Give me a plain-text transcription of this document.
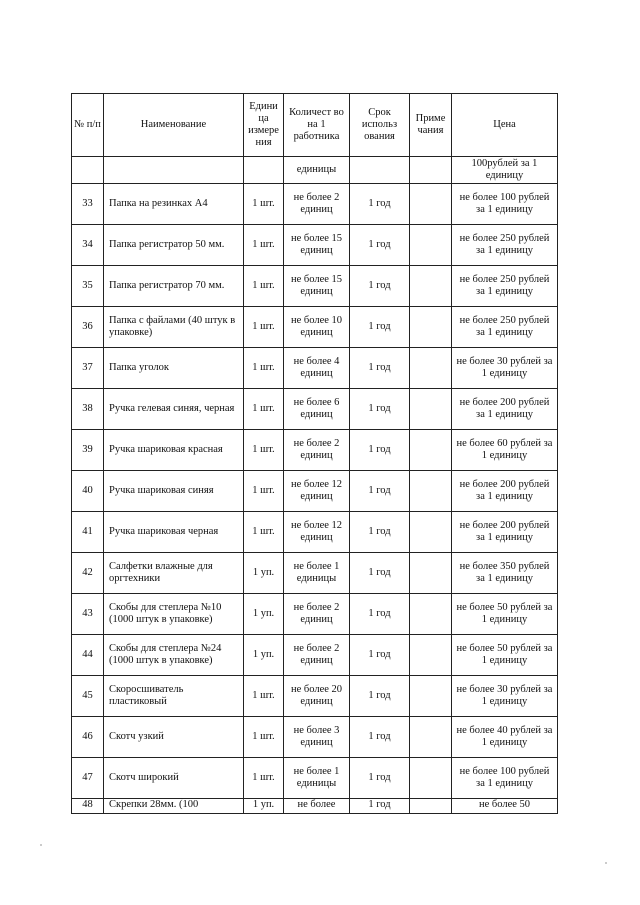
№ п/п	Наименование	Едини ца измере ния	Количест во на 1 работника	Срок использ ования	Приме чания	Цена
			единицы			100рублей за 1 единицу
33	Папка на резинках А4	1 шт.	не более 2 единиц	1 год		не более 100 рублей за 1 единицу
34	Папка регистратор 50 мм.	1 шт.	не более 15 единиц	1 год		не более 250 рублей за 1 единицу
35	Папка регистратор 70 мм.	1 шт.	не более 15 единиц	1 год		не более 250 рублей за 1 единицу
36	Папка с файлами (40 штук в упаковке)	1 шт.	не более 10 единиц	1 год		не более 250 рублей за 1 единицу
37	Папка уголок	1 шт.	не более 4 единиц	1 год		не более 30 рублей за 1 единицу
38	Ручка гелевая синяя, черная	1 шт.	не более 6 единиц	1 год		не более 200 рублей за 1 единицу
39	Ручка шариковая красная	1 шт.	не более 2 единиц	1 год		не более 60 рублей за 1 единицу
40	Ручка шариковая синяя	1 шт.	не более 12 единиц	1 год		не более 200 рублей за 1 единицу
41	Ручка шариковая черная	1 шт.	не более 12 единиц	1 год		не более 200 рублей за 1 единицу
42	Салфетки влажные для оргтехники	1 уп.	не более 1 единицы	1 год		не более 350 рублей за 1 единицу
43	Скобы для степлера №10 (1000 штук в упаковке)	1 уп.	не более 2 единиц	1 год		не более 50 рублей за 1 единицу
44	Скобы для степлера №24 (1000 штук в упаковке)	1 уп.	не более 2 единиц	1 год		не более 50 рублей за 1 единицу
45	Скоросшиватель пластиковый	1 шт.	не более 20 единиц	1 год		не более 30 рублей за 1 единицу
46	Скотч узкий	1 шт.	не более 3 единиц	1 год		не более 40 рублей за 1 единицу
47	Скотч широкий	1 шт.	не более 1 единицы	1 год		не более 100 рублей за 1 единицу
48	Скрепки 28мм. (100	1 уп.	не более	1 год		не более 50
